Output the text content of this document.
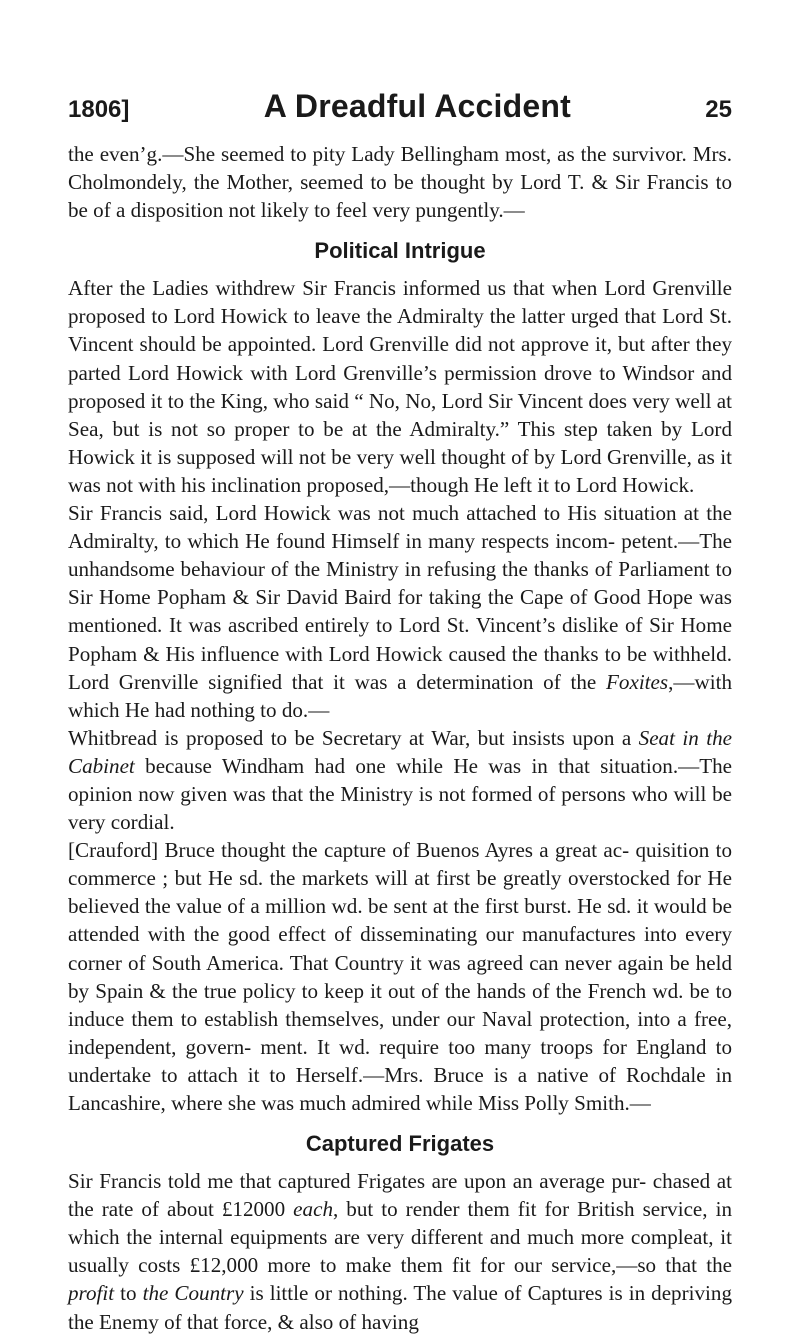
1806]	A Dreadful Accident	25

the even’g.—She seemed to pity Lady Bellingham most, as the survivor. Mrs. Cholmondely, the Mother, seemed to be thought by Lord T. & Sir Francis to be of a disposition not likely to feel very pungently.—

Political Intrigue

After the Ladies withdrew Sir Francis informed us that when Lord Grenville proposed to Lord Howick to leave the Admiralty the latter urged that Lord St. Vincent should be appointed. Lord Grenville did not approve it, but after they parted Lord Howick with Lord Grenville’s permission drove to Windsor and proposed it to the King, who said “ No, No, Lord Sir Vincent does very well at Sea, but is not so proper to be at the Admiralty.” This step taken by Lord Howick it is supposed will not be very well thought of by Lord Grenville, as it was not with his inclination proposed,—though He left it to Lord Howick.

Sir Francis said, Lord Howick was not much attached to His situation at the Admiralty, to which He found Himself in many respects incom- petent.—The unhandsome behaviour of the Ministry in refusing the thanks of Parliament to Sir Home Popham & Sir David Baird for taking the Cape of Good Hope was mentioned. It was ascribed entirely to Lord St. Vincent’s dislike of Sir Home Popham & His influence with Lord Howick caused the thanks to be withheld. Lord Grenville signified that it was a determination of the Foxites,—with which He had nothing to do.—

Whitbread is proposed to be Secretary at War, but insists upon a Seat in the Cabinet because Windham had one while He was in that situation.—The opinion now given was that the Ministry is not formed of persons who will be very cordial.

[Crauford] Bruce thought the capture of Buenos Ayres a great ac- quisition to commerce ; but He sd. the markets will at first be greatly overstocked for He believed the value of a million wd. be sent at the first burst. He sd. it would be attended with the good effect of disseminating our manufactures into every corner of South America. That Country it was agreed can never again be held by Spain & the true policy to keep it out of the hands of the French wd. be to induce them to establish themselves, under our Naval protection, into a free, independent, govern- ment. It wd. require too many troops for England to undertake to attach it to Herself.—Mrs. Bruce is a native of Rochdale in Lancashire, where she was much admired while Miss Polly Smith.—

Captured Frigates

Sir Francis told me that captured Frigates are upon an average pur- chased at the rate of about £12000 each, but to render them fit for British service, in which the internal equipments are very different and much more compleat, it usually costs £12,000 more to make them fit for our service,—so that the profit to the Country is little or nothing. The value of Captures is in depriving the Enemy of that force, & also of having
